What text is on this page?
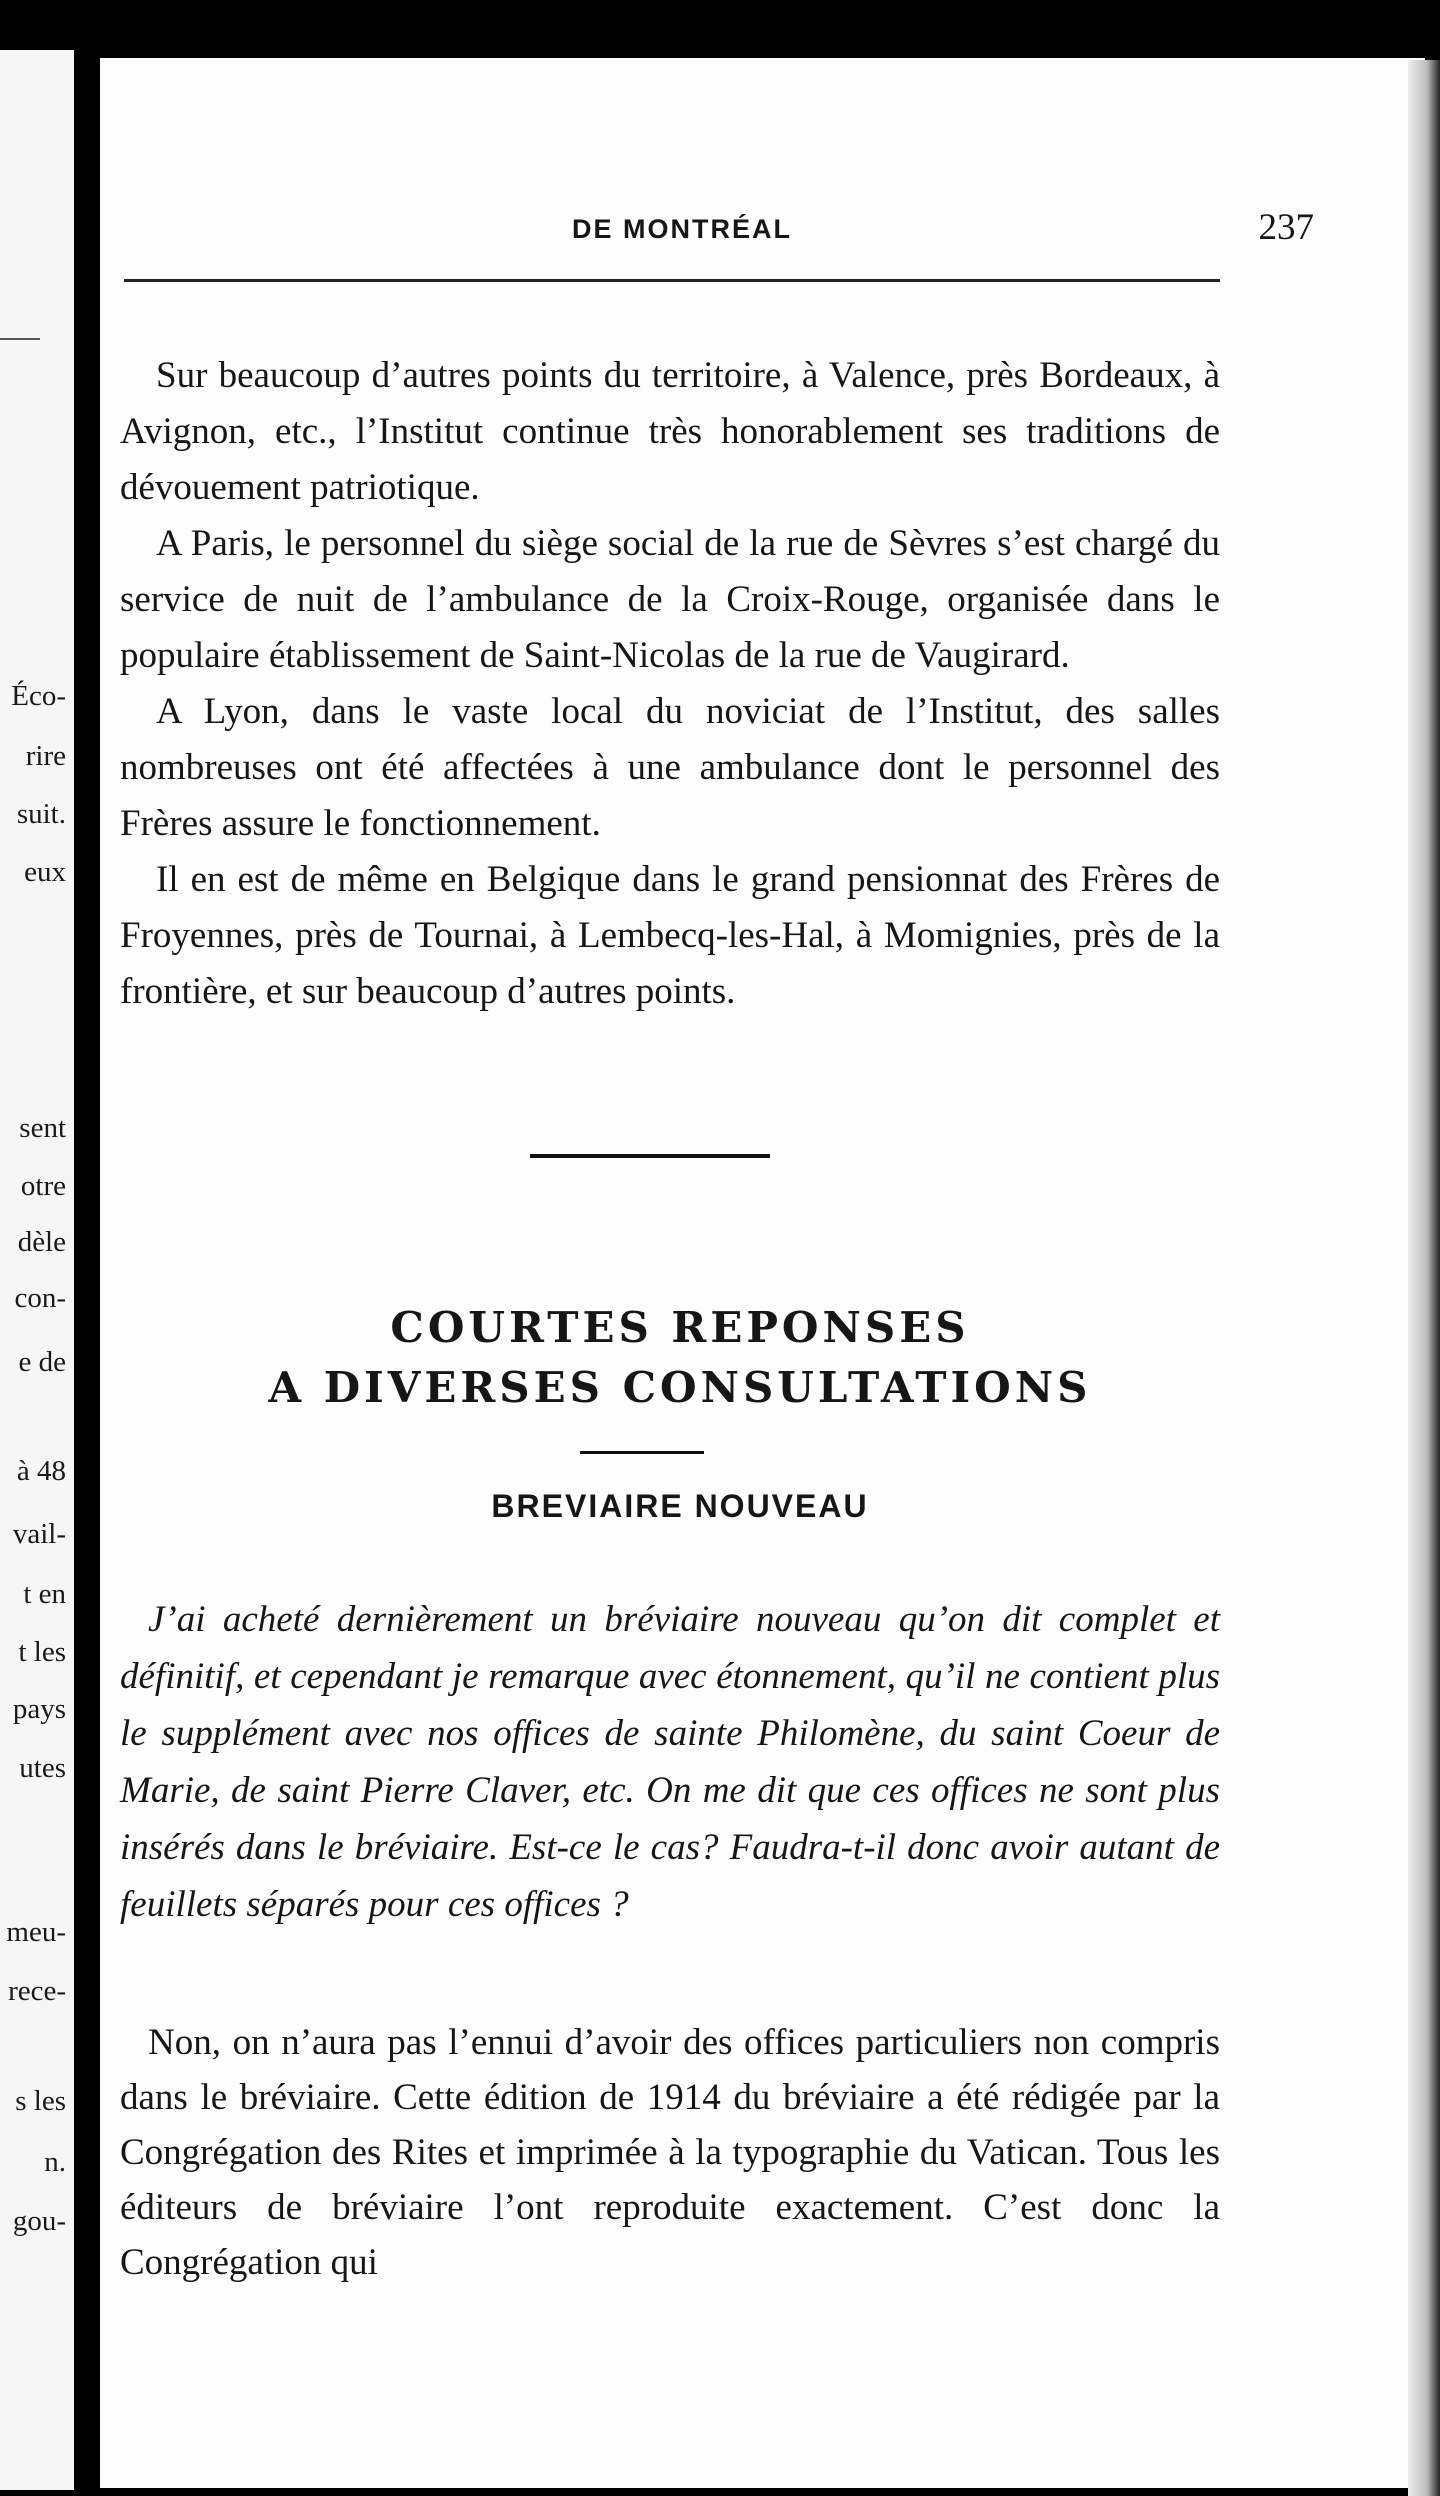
Éco-
rire
suit.
eux
sent
otre
dèle
con-
e de
à 48
vail-
t en
t les
pays
utes
meu-
rece-
s les
n.
gou-
DE MONTRÉAL	237

Sur beaucoup d’autres points du territoire, à Valence, près Bordeaux, à Avignon, etc., l’Institut continue très honorablement ses traditions de dévouement patriotique.

A Paris, le personnel du siège social de la rue de Sèvres s’est chargé du service de nuit de l’ambulance de la Croix-Rouge, organisée dans le populaire établissement de Saint-Nicolas de la rue de Vaugirard.

A Lyon, dans le vaste local du noviciat de l’Institut, des salles nombreuses ont été affectées à une ambulance dont le personnel des Frères assure le fonctionnement.

Il en est de même en Belgique dans le grand pensionnat des Frères de Froyennes, près de Tournai, à Lembecq-les-Hal, à Momignies, près de la frontière, et sur beaucoup d’autres points.

COURTES REPONSES
A DIVERSES CONSULTATIONS
BREVIAIRE NOUVEAU

J’ai acheté dernièrement un bréviaire nouveau qu’on dit complet et définitif, et cependant je remarque avec étonnement, qu’il ne contient plus le supplément avec nos offices de sainte Philomène, du saint Coeur de Marie, de saint Pierre Claver, etc. On me dit que ces offices ne sont plus insérés dans le bréviaire. Est-ce le cas? Faudra-t-il donc avoir autant de feuillets séparés pour ces offices ?

Non, on n’aura pas l’ennui d’avoir des offices particuliers non compris dans le bréviaire. Cette édition de 1914 du bréviaire a été rédigée par la Congrégation des Rites et imprimée à la typographie du Vatican. Tous les éditeurs de bréviaire l’ont reproduite exactement. C’est donc la Congrégation qui
